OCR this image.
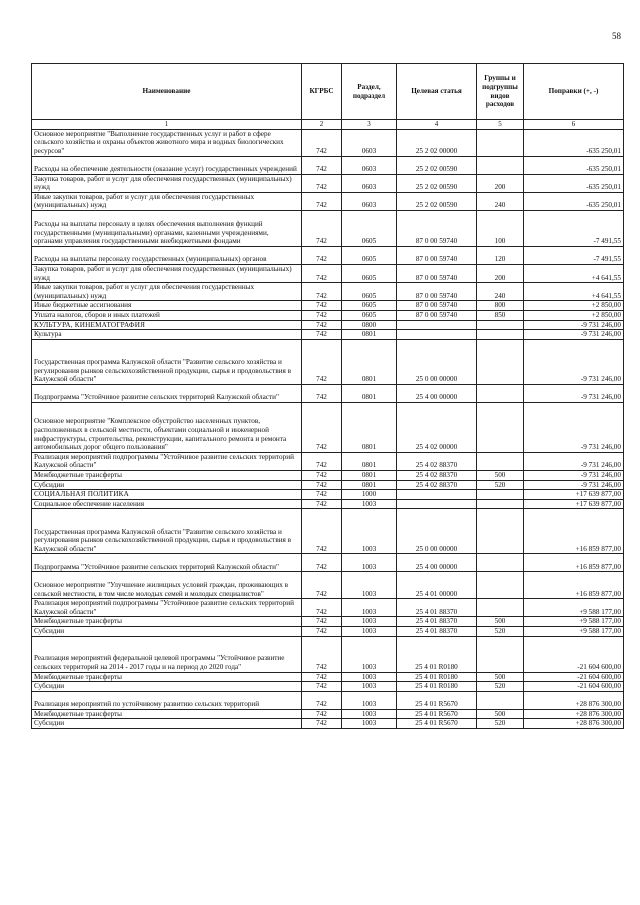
58
Наименование	КГРБС	Раздел, подраздел	Целевая статья	Группы и подгруппы видов расходов	Поправки (+, -)
1	2	3	4	5	6
Основное мероприятие "Выполнение государственных услуг и работ в сфере сельского хозяйства и охраны объектов животного мира и водных биологических ресурсов"	742	0603	25 2 02 00000		-635 250,01
Расходы на обеспечение деятельности (оказание услуг) государственных учреждений	742	0603	25 2 02 00590		-635 250,01
Закупка товаров, работ и услуг для обеспечения государственных (муниципальных) нужд	742	0603	25 2 02 00590	200	-635 250,01
Иные закупки товаров, работ и услуг для обеспечения государственных (муниципальных) нужд	742	0603	25 2 02 00590	240	-635 250,01
Расходы на выплаты персоналу в целях обеспечения выполнения функций государственными (муниципальными) органами, казенными учреждениями, органами управления государственными внебюджетными фондами	742	0605	87 0 00 59740	100	-7 491,55
Расходы на выплаты персоналу государственных (муниципальных) органов	742	0605	87 0 00 59740	120	-7 491,55
Закупка товаров, работ и услуг для обеспечения государственных (муниципальных) нужд	742	0605	87 0 00 59740	200	+4 641,55
Иные закупки товаров, работ и услуг для обеспечения государственных (муниципальных) нужд	742	0605	87 0 00 59740	240	+4 641,55
Иные бюджетные ассигнования	742	0605	87 0 00 59740	800	+2 850,00
Уплата налогов, сборов и иных платежей	742	0605	87 0 00 59740	850	+2 850,00
КУЛЬТУРА, КИНЕМАТОГРАФИЯ	742	0800			-9 731 246,00
Культура	742	0801			-9 731 246,00
Государственная программа Калужской области "Развитие сельского хозяйства и регулирования рынков сельскохозяйственной продукции, сырья и продовольствия в Калужской области"	742	0801	25 0 00 00000		-9 731 246,00
Подпрограмма "Устойчивое развитие сельских территорий Калужской области"	742	0801	25 4 00 00000		-9 731 246,00
Основное мероприятие "Комплексное обустройство населенных пунктов, расположенных в сельской местности, объектами социальной и инженерной инфраструктуры, строительства, реконструкции, капитального ремонта и ремонта автомобильных дорог общего пользования"	742	0801	25 4 02 00000		-9 731 246,00
Реализация мероприятий подпрограммы "Устойчивое развитие сельских территорий Калужской области"	742	0801	25 4 02 88370		-9 731 246,00
Межбюджетные трансферты	742	0801	25 4 02 88370	500	-9 731 246,00
Субсидии	742	0801	25 4 02 88370	520	-9 731 246,00
СОЦИАЛЬНАЯ ПОЛИТИКА	742	1000			+17 639 877,00
Социальное обеспечение населения	742	1003			+17 639 877,00
Государственная программа Калужской области "Развитие сельского хозяйства и регулирования рынков сельскохозяйственной продукции, сырья и продовольствия в Калужской области"	742	1003	25 0 00 00000		+16 859 877,00
Подпрограмма "Устойчивое развитие сельских территорий Калужской области"	742	1003	25 4 00 00000		+16 859 877,00
Основное мероприятие "Улучшение жилищных условий граждан, проживающих в сельской местности, в том числе молодых семей и молодых специалистов"	742	1003	25 4 01 00000		+16 859 877,00
Реализация мероприятий подпрограммы "Устойчивое развитие сельских территорий Калужской области"	742	1003	25 4 01 88370		+9 588 177,00
Межбюджетные трансферты	742	1003	25 4 01 88370	500	+9 588 177,00
Субсидии	742	1003	25 4 01 88370	520	+9 588 177,00
Реализация мероприятий федеральной целевой программы "Устойчивое развитие сельских территорий на 2014 - 2017 годы и на период до 2020 года"	742	1003	25 4 01 R0180		-21 604 600,00
Межбюджетные трансферты	742	1003	25 4 01 R0180	500	-21 604 600,00
Субсидии	742	1003	25 4 01 R0180	520	-21 604 600,00
Реализация мероприятий по устойчивому развитию сельских территорий	742	1003	25 4 01 R5670		+28 876 300,00
Межбюджетные трансферты	742	1003	25 4 01 R5670	500	+28 876 300,00
Субсидии	742	1003	25 4 01 R5670	520	+28 876 300,00
